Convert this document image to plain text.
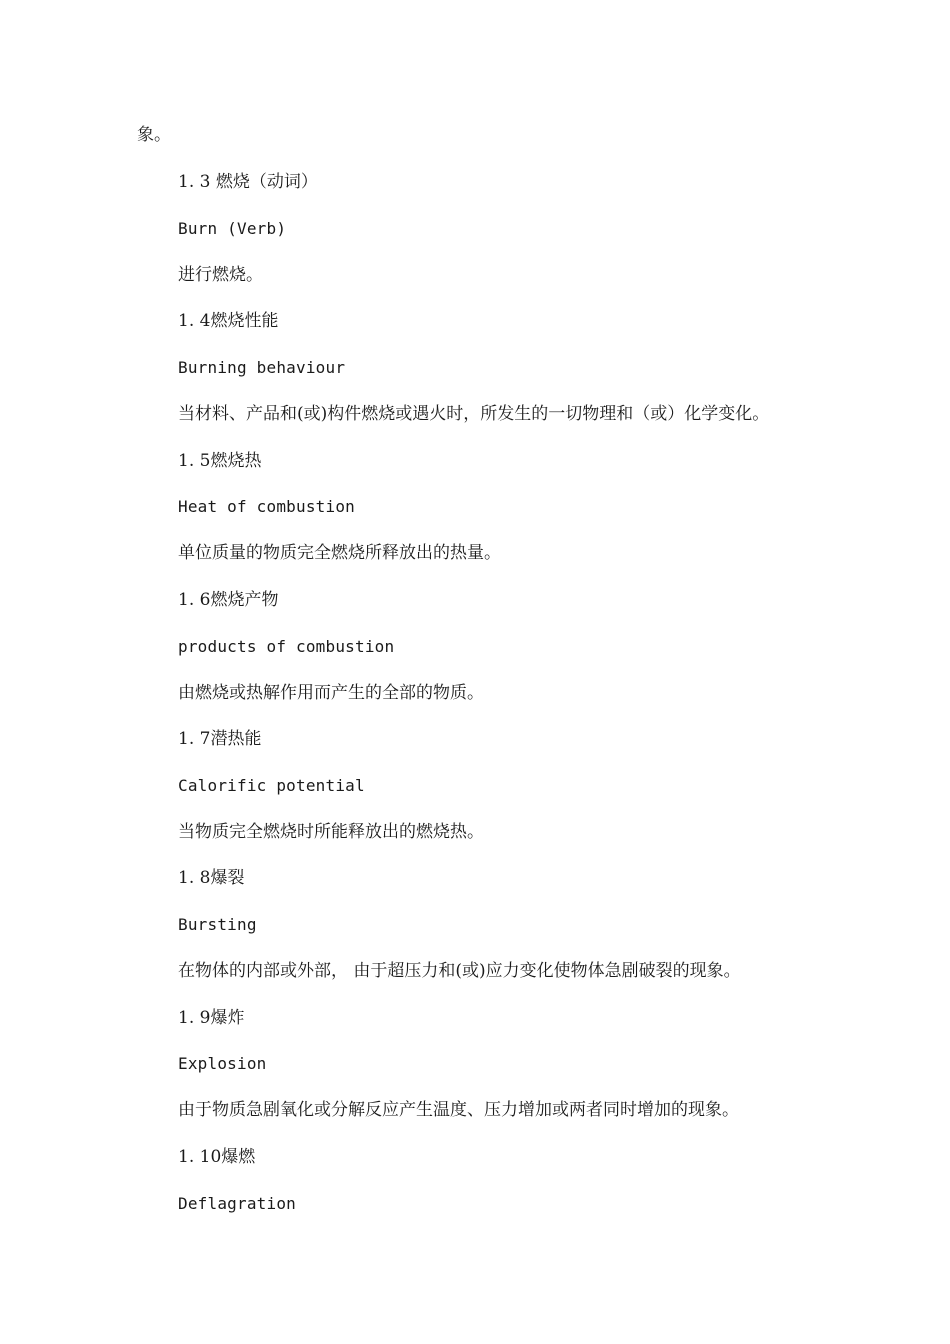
象。
1. 3 燃烧（动词）
Burn (Verb)
进行燃烧。
1. 4燃烧性能
Burning behaviour
当材料、产品和(或)构件燃烧或遇火时，所发生的一切物理和（或）化学变化。
1. 5燃烧热
Heat of combustion
单位质量的物质完全燃烧所释放出的热量。
1. 6燃烧产物
products of combustion
由燃烧或热解作用而产生的全部的物质。
1. 7潜热能
Calorific potential
当物质完全燃烧时所能释放出的燃烧热。
1. 8爆裂
Bursting
在物体的内部或外部， 由于超压力和(或)应力变化使物体急剧破裂的现象。
1. 9爆炸
Explosion
由于物质急剧氧化或分解反应产生温度、压力增加或两者同时增加的现象。
1. 10爆燃
Deflagration
